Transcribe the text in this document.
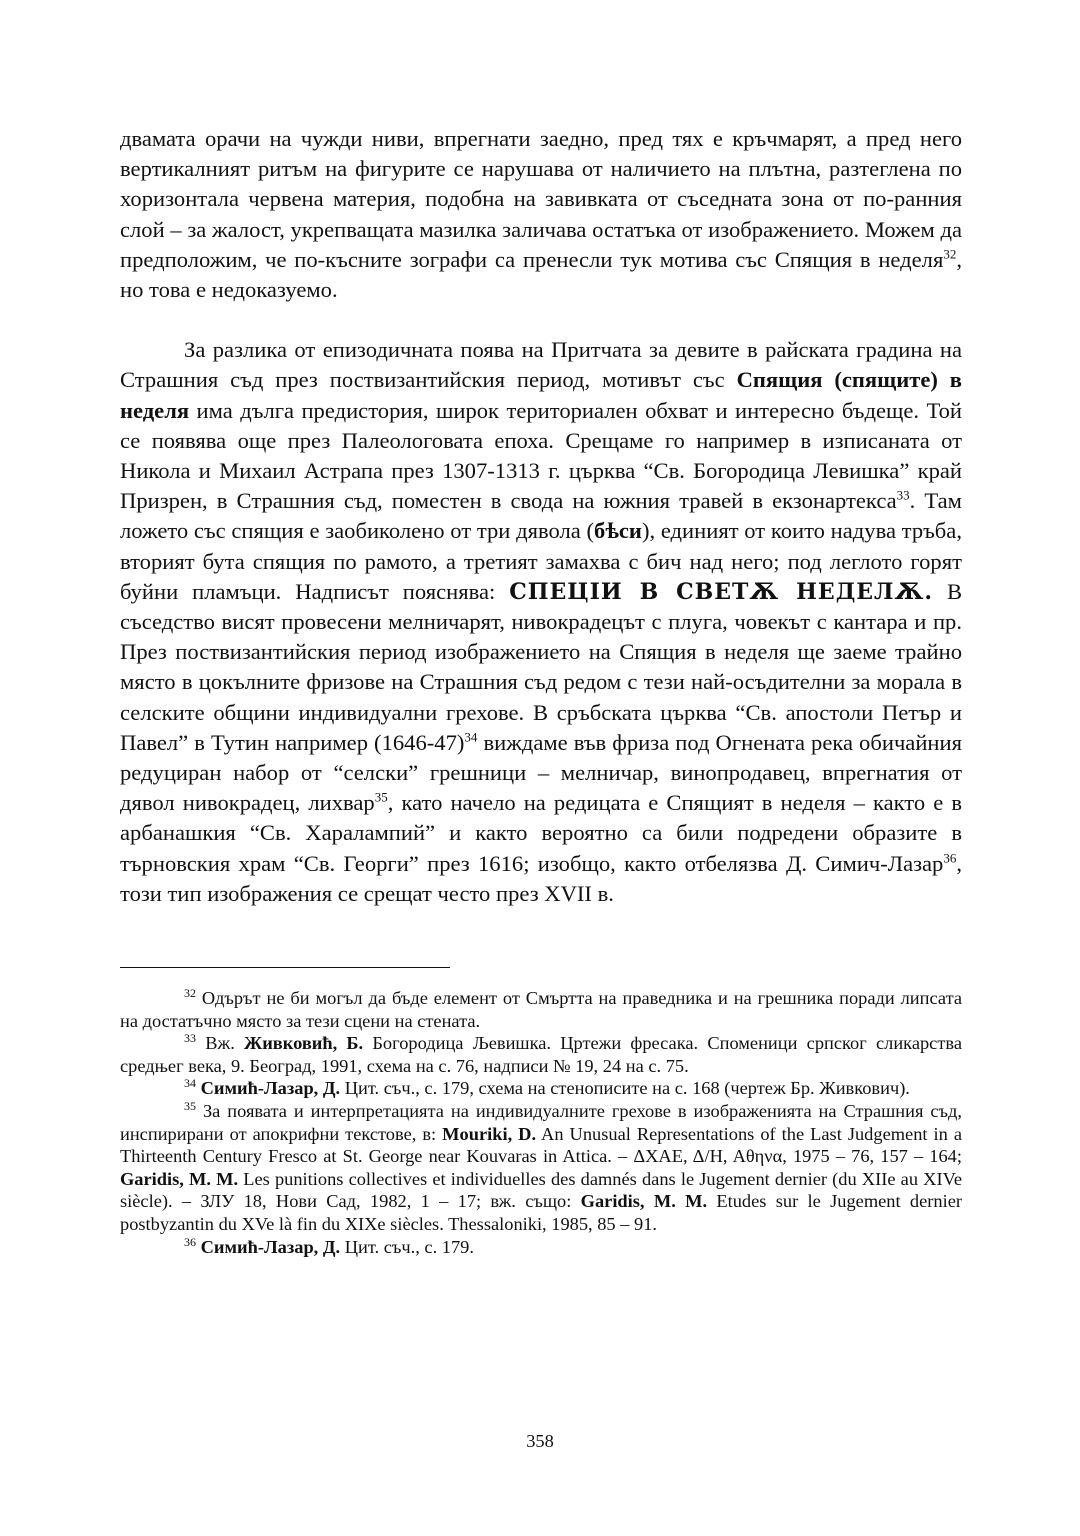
двамата орачи на чужди ниви, впрегнати заедно, пред тях е кръчмарят, а пред него вертикалният ритъм на фигурите се нарушава от наличието на плътна, разтеглена по хоризонтала червена материя, подобна на завивката от съседната зона от по-ранния слой – за жалост, укрепващата мазилка заличава остатъка от изображението. Можем да предположим, че по-късните зографи са пренесли тук мотива със Спящия в неделя$^{32}$, но това е недоказуемо.

За разлика от епизодичната поява на Притчата за девите в райската градина на Страшния съд през поствизантийския период, мотивът със Спящия (спящите) в неделя има дълга предистория, широк териториален обхват и интересно бъдеще. Той се появява още през Палеологовата епоха. Срещаме го например в изписаната от Никола и Михаил Астрапа през 1307-1313 г. църква “Св. Богородица Левишка” край Призрен, в Страшния съд, поместен в свода на южния травей в екзонартекса$^{33}$. Там ложето със спящия е заобиколено от три дявола (бѣси), единият от които надува тръба, вторият бута спящия по рамото, а третият замахва с бич над него; под леглото горят буйни пламъци. Надписът пояснява: СПЕЦІИ В СВЕТѪ НЕДЕЛѪ. В съседство висят провесени мелничарят, нивокрадецът с плуга, човекът с кантара и пр. През поствизантийския период изображението на Спящия в неделя ще заеме трайно място в цокълните фризове на Страшния съд редом с тези най-осъдителни за морала в селските общини индивидуални грехове. В сръбската църква “Св. апостоли Петър и Павел” в Тутин например (1646-47)$^{34}$ виждаме във фриза под Огнената река обичайния редуциран набор от “селски” грешници – мелничар, винопродавец, впрегнатия от дявол нивокрадец, лихвар$^{35}$, като начело на редицата е Спящият в неделя – както е в арбанашкия “Св. Харалампий” и както вероятно са били подредени образите в търновския храм “Св. Георги” през 1616; изобщо, както отбелязва Д. Симич-Лазар$^{36}$, този тип изображения се срещат често през XVII в.

$^{32}$ Одърът не би могъл да бъде елемент от Смъртта на праведника и на грешника поради липсата на достатъчно място за тези сцени на стената.

$^{33}$ Вж. Живковић, Б. Богородица Љевишка. Цртежи фресака. Споменици српског сликарства средњег века, 9. Београд, 1991, схема на с. 76, надписи № 19, 24 на с. 75.

$^{34}$ Симић-Лазар, Д. Цит. съч., с. 179, схема на стенописите на с. 168 (чертеж Бр. Живкович).

$^{35}$ За появата и интерпретацията на индивидуалните грехове в изображенията на Страшния съд, инспирирани от апокрифни текстове, в: Mouriki, D. An Unusual Representations of the Last Judgement in a Thirteenth Century Fresco at St. George near Kouvaras in Attica. – ΔΧΑΕ, Δ/Η, Αθηνα, 1975 – 76, 157 – 164; Garidis, M. M. Les punitions collectives et individuelles des damnés dans le Jugement dernier (du XIIe au XIVe siècle). – ЗЛУ 18, Нови Сад, 1982, 1 – 17; вж. също: Garidis, M. M. Etudes sur le Jugement dernier postbyzantin du XVe là fin du XIXe siècles. Thessaloniki, 1985, 85 – 91.

$^{36}$ Симић-Лазар, Д. Цит. съч., с. 179.

358
